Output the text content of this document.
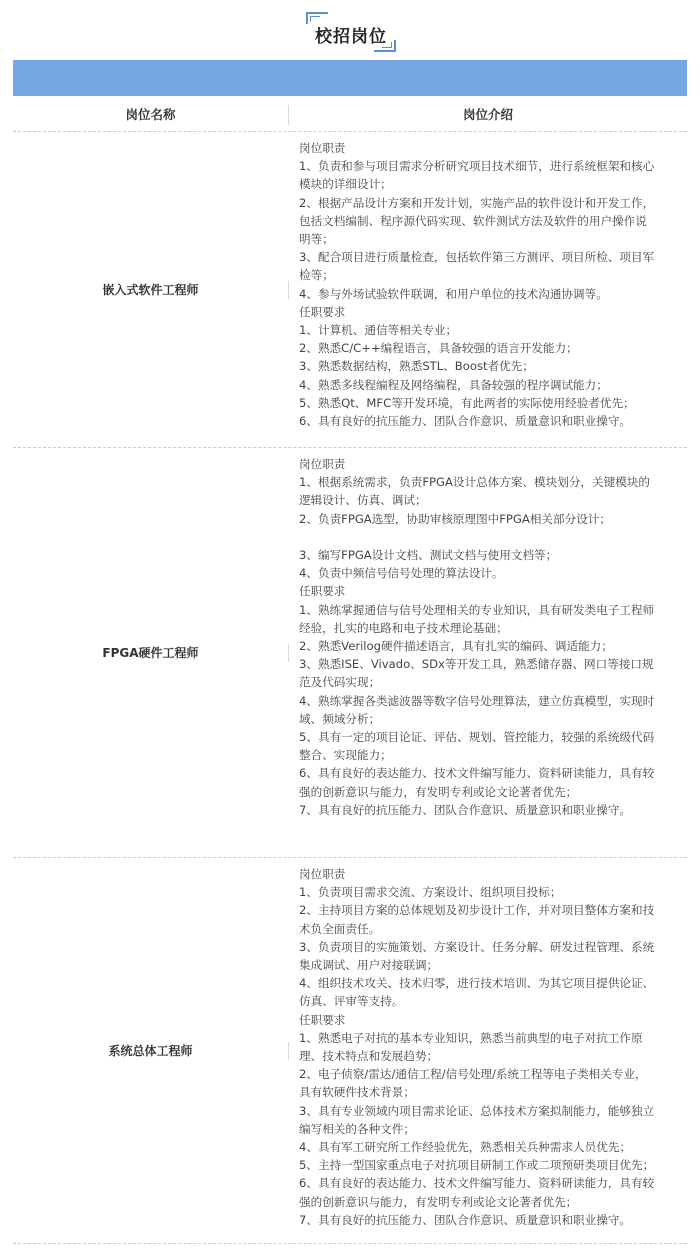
校招岗位
岗位名称	岗位介绍
嵌入式软件工程师
岗位职责
1、负责和参与项目需求分析研究项目技术细节，进行系统框架和核心
模块的详细设计；
2、根据产品设计方案和开发计划，实施产品的软件设计和开发工作，
包括文档编制、程序源代码实现、软件测试方法及软件的用户操作说
明等；
3、配合项目进行质量检查，包括软件第三方测评、项目所检、项目军
检等；
4、参与外场试验软件联调，和用户单位的技术沟通协调等。
任职要求
1、计算机、通信等相关专业；
2、熟悉C/C++编程语言，具备较强的语言开发能力；
3、熟悉数据结构，熟悉STL、Boost者优先；
4、熟悉多线程编程及网络编程，具备较强的程序调试能力；
5、熟悉Qt、MFC等开发环境，有此两者的实际使用经验者优先；
6、具有良好的抗压能力、团队合作意识、质量意识和职业操守。
FPGA硬件工程师
岗位职责
1、根据系统需求，负责FPGA设计总体方案、模块划分，关键模块的
逻辑设计、仿真、调试；
2、负责FPGA选型，协助审核原理图中FPGA相关部分设计；
3、编写FPGA设计文档、测试文档与使用文档等；
4、负责中频信号信号处理的算法设计。
任职要求
1、熟练掌握通信与信号处理相关的专业知识，具有研发类电子工程师
经验，扎实的电路和电子技术理论基础；
2、熟悉Verilog硬件描述语言，具有扎实的编码、调适能力；
3、熟悉ISE、Vivado、SDx等开发工具，熟悉储存器、网口等接口规
范及代码实现；
4、熟练掌握各类滤波器等数字信号处理算法，建立仿真模型，实现时
域、频域分析；
5、具有一定的项目论证、评估、规划、管控能力，较强的系统级代码
整合、实现能力；
6、具有良好的表达能力、技术文件编写能力、资料研读能力，具有较
强的创新意识与能力，有发明专利或论文论著者优先；
7、具有良好的抗压能力、团队合作意识、质量意识和职业操守。
系统总体工程师
岗位职责
1、负责项目需求交流、方案设计、组织项目投标；
2、主持项目方案的总体规划及初步设计工作，并对项目整体方案和技
术负全面责任。
3、负责项目的实施策划、方案设计、任务分解、研发过程管理、系统
集成调试、用户对接联调；
4、组织技术攻关、技术归零，进行技术培训、为其它项目提供论证、
仿真、评审等支持。
任职要求
1、熟悉电子对抗的基本专业知识，熟悉当前典型的电子对抗工作原
理、技术特点和发展趋势；
2、电子侦察/雷达/通信工程/信号处理/系统工程等电子类相关专业，
具有软硬件技术背景；
3、具有专业领域内项目需求论证、总体技术方案拟制能力，能够独立
编写相关的各种文件；
4、具有军工研究所工作经验优先，熟悉相关兵种需求人员优先；
5、主持一型国家重点电子对抗项目研制工作或二项预研类项目优先；
6、具有良好的表达能力、技术文件编写能力、资料研读能力，具有较
强的创新意识与能力，有发明专利或论文论著者优先；
7、具有良好的抗压能力、团队合作意识、质量意识和职业操守。
